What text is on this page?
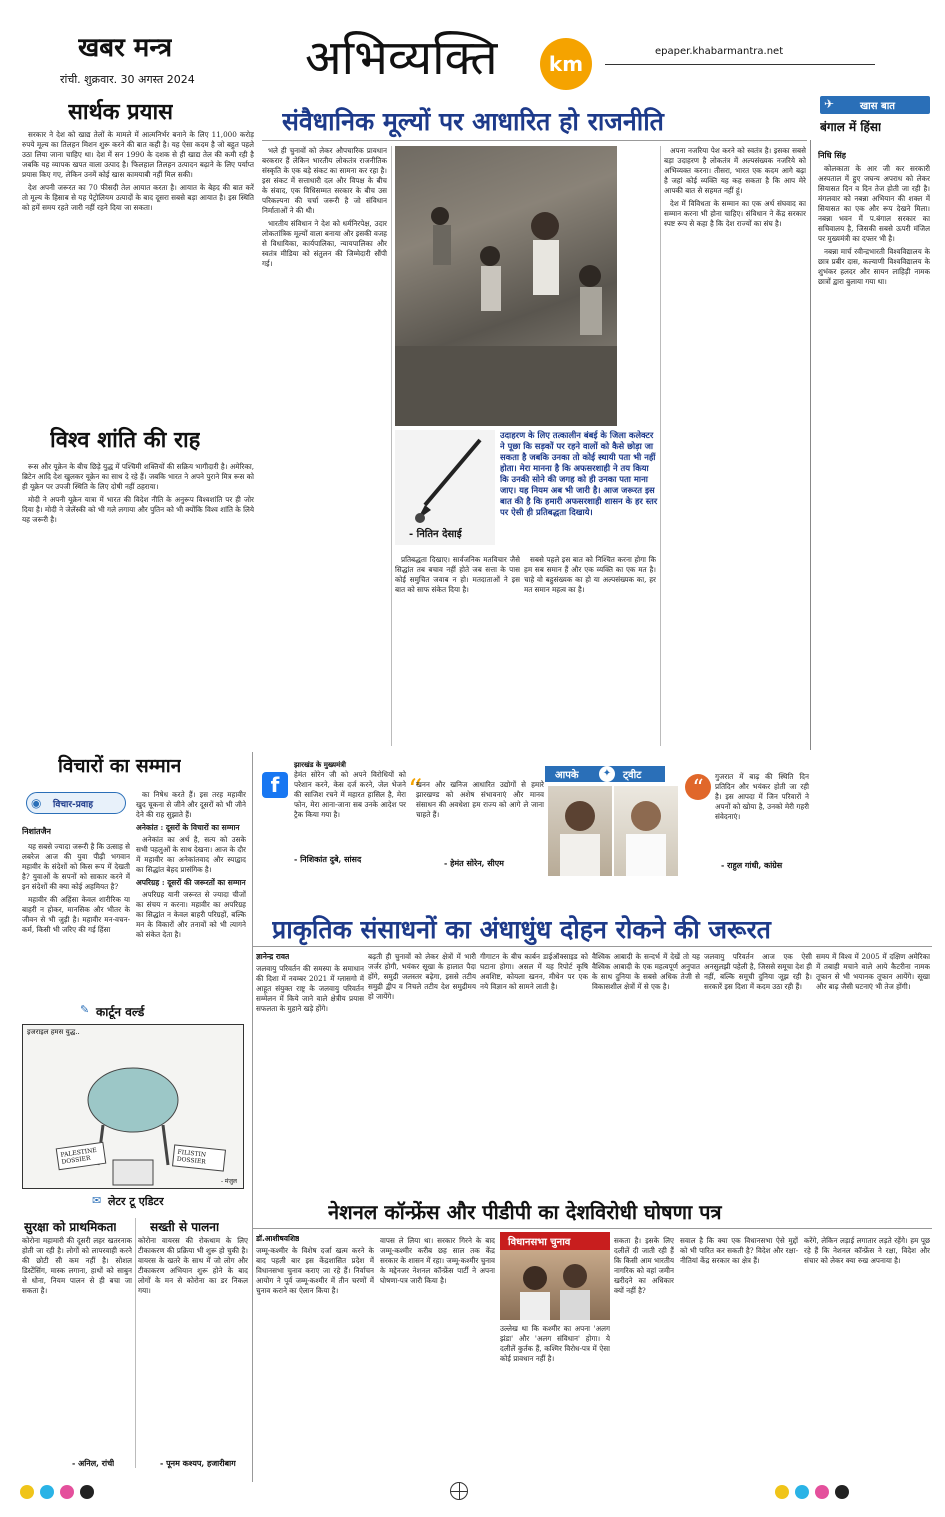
खबर मन्त्र
रांची. शुक्रवार. 30 अगस्त 2024 अभिव्यक्ति	km
epaper.khabarmantra.net
✈	खास बात
बंगाल में हिंसा
सार्थक प्रयास

सरकार ने देश को खाद्य तेलों के मामले में आत्मनिर्भर बनाने के लिए 11,000 करोड़ रुपये मूल्य का तिलहन मिशन शुरू करने की बात कही है। यह ऐसा कदम है जो बहुत पहले उठा लिया जाना चाहिए था। देश में सन 1990 के दशक से ही खाद्य तेल की कमी रही है जबकि यह व्यापक खपत वाला उत्पाद है। फिलहाल तिलहन उत्पादन बढ़ाने के लिए पर्याप्त प्रयास किए गए, लेकिन उनमें कोई खास कामयाबी नहीं मिल सकी।

देश अपनी जरूरत का 70 फीसदी तेल आयात करता है। आयात के बेहद की बात करें तो मूल्य के हिसाब से यह पेट्रोलियम उत्पादों के बाद दूसरा सबसे बड़ा आयात है। इस स्थिति को हमें समय रहते जारी नहीं रहने दिया जा सकता।

विश्व शांति की राह

रूस और यूक्रेन के बीच छिड़े युद्ध में पश्चिमी शक्तियों की सक्रिय भागीदारी है। अमेरिका, ब्रिटेन आदि देश खुलकर यूक्रेन का साथ दे रहे हैं। जबकि भारत ने अपने पुराने मित्र रूस को ही यूक्रेन पर उपजी स्थिति के लिए दोषी नहीं ठहराया।

मोदी ने अपनी यूक्रेन यात्रा में भारत की विदेश नीति के अनुरूप विश्वशांति पर ही जोर दिया है। मोदी ने जेलेंस्की को भी गले लगाया और पुतिन को भी क्योंकि विश्व शांति के लिये यह जरूरी है।

संवैधानिक मूल्यों पर आधारित हो राजनीति

भले ही चुनावों को लेकर औपचारिक प्रावधान बरकरार हैं लेकिन भारतीय लोकतंत्र राजनीतिक संस्कृति के एक बड़े संकट का सामना कर रहा है। इस संकट में सत्ताधारी दल और विपक्ष के बीच के संवाद, एक विधिसम्मत सरकार के बीच उस परिकल्पना की चर्चा जरूरी है जो संविधान निर्माताओं ने की थी।

भारतीय संविधान ने देश को धर्मनिरपेक्ष, उदार लोकतांत्रिक मूल्यों वाला बनाया और इसकी वजह से विधायिका, कार्यपालिका, न्यायपालिका और स्वतंत्र मीडिया को संतुलन की जिम्मेदारी सौंपी गई।

- नितिन देसाई
उदाहरण के लिए तत्कालीन बंबई के जिला कलेक्टर ने पूछा कि सड़कों पर रहने वालों को कैसे छोड़ा जा सकता है जबकि उनका तो कोई स्थायी पता भी नहीं होता। मेरा मानना है कि अफसरशाही ने तय किया कि उनकी सोने की जगह को ही उनका पता माना जाए। यह नियम अब भी जारी है। आज जरूरत इस बात की है कि हमारी अफसरशाही शासन के हर स्तर पर ऐसी ही प्रतिबद्धता दिखाये।

प्रतिबद्धता दिखाए। सार्वजनिक मतविचार जैसे सिद्धांत तब बचाव नहीं होते जब सत्ता के पास कोई समुचित जवाब न हो। मतदाताओं ने इस बात को साफ संकेत दिया है।

सबसे पहले इस बात को निश्चित करना होगा कि हम सब समान हैं और एक व्यक्ति का एक मत है। चाहे वो बहुसंख्यक का हो या अल्पसंख्यक का, हर मत समान महत्व का है।

अपना नजरिया पेश करने को स्वतंत्र है। इसका सबसे बड़ा उदाहरण है लोकतंत्र में अल्पसंख्यक नजरिये को अभिव्यक्त करना। तीसरा, भारत एक कदम आगे बढ़ा है जहां कोई व्यक्ति यह कह सकता है कि आप मेरे आपकी बात से सहमत नहीं हूं।

देश में विविधता के सम्मान का एक अर्थ संघवाद का सम्मान करना भी होना चाहिए। संविधान ने केंद्र सरकार स्पष्ट रूप से कहा है कि देश राज्यों का संघ है।

निधि सिंह

कोलकाता के आर जी कर सरकारी अस्पताल में हुए जघन्य अपराध को लेकर सियासत दिन व दिन तेज होती जा रही है। मंगलवार को नबन्ना अभियान की शक्ल में सियासत का एक और रूप देखने मिला। नबन्ना भवन में प.बंगाल सरकार का सचिवालय है, जिसकी सबसे ऊपरी मंजिल पर मुख्यमंत्री का दफ्तर भी है।

नबन्ना मार्च रवीन्द्रभारती विश्वविद्यालय के छात्र प्रबीर दास, कल्याणी विश्वविद्यालय के शुभंकर हलदर और सायन लाहिड़ी नामक छात्रों द्वारा बुलाया गया था।

विचारों का सम्मान
◉ विचार-प्रवाह
निशांतजैन

यह सबसे ज्यादा जरूरी है कि उत्साह से लबरेज आज की युवा पीढ़ी भगवान महावीर के संदेशों को किस रूप में देखती है? युवाओं के सपनों को साकार करने में इन संदेशों की क्या कोई अहमियत है?

महावीर की अहिंसा केवल शारीरिक या बाहरी न होकर, मानसिक और भीतर के जीवन से भी जुड़ी है। महावीर मन-वचन-कर्म, किसी भी जरिए की गई हिंसा

का निषेध करते हैं। इस तरह महावीर खुद चूकना से जीने और दूसरों को भी जीने देने की राह सुझाते हैं।

अनेकांत : दूसरों के विचारों का सम्मान

अनेकांत का अर्थ है, सत्य को उसके सभी पहलुओं के साथ देखना। आज के दौर में महावीर का अनेकांतवाद और स्याद्वाद का सिद्धांत बेहद प्रासंगिक है।

अपरिग्रह : दूसरों की जरूरतों का सम्मान

अपरिग्रह यानी जरूरत से ज्यादा चीजों का संचय न करना। महावीर का अपरिग्रह का सिद्धांत न केवल बाहरी परिग्रहों, बल्कि मन के विकारों और तनावों को भी त्यागने को संकेत देता है।

f
झारखंड के मुख्यमंत्री
हेमंत सोरेन जी को अपने विरोधियों को परेशान करने, केस दर्ज करने, जेल भेजने की साजिश रचने में महारत हासिल है, मेरा फोन, मेरा आना-जाना सब उनके आदेश पर ट्रैक किया गया है।
- निशिकांत दुबे, सांसद
आपके	✦	ट्वीट
“
खनन और खनिज आधारित उद्योगों से हमारे झारखण्ड को अशेष संभावनाएं और मानव संसाधन की अवधेशा हम राज्य को आगे ले जाना चाहते हैं।
- हेमंत सोरेन, सीएम
“	गुजरात में बाढ़ की स्थिति दिन प्रतिदिन और भयंकर होती जा रही है। इस आपदा में जिन परिवारों ने अपनों को खोया है, उनको मेरी गहरी संवेदनाएं।
- राहुल गांधी, कांग्रेस
✎ कार्टून वर्ल्ड
इजराइल हमस युद्ध..
PALESTINE DOSSIER
FILISTIN DOSSIER
- मंजुल
प्राकृतिक संसाधनों का अंधाधुंध दोहन रोकने की जरूरत
ज्ञानेन्द्र रावत
जलवायु परिवर्तन की समस्या के समाधान की दिशा में नवम्बर 2021 में ग्लासगो में आहूत संयुक्त राष्ट्र के जलवायु परिवर्तन सम्मेलन में किये जाने वाले क्षेत्रीय प्रयास सफलता के मुहाने खड़े होंगे।
बढ़ती ही चुनावों को लेकर क्षेत्रों में भारी जर्जर होगी, भयंकर सूखा के हालात पैदा होंगे, समुद्री जलस्तर बढ़ेगा, इससे तटीय समुद्री द्वीप व निचले तटीय देश समुद्रीमय हो जायेंगे।
गीगाटन के बीच कार्बन डाईऑक्साइड को घटाना होगा। असल में यह रिपोर्ट कृषि अवशिष्ट, कोयला खनन, मीथेन पर एक नये विज्ञान को सामने लाती है।
वैश्विक आबादी के सन्दर्भ में देखें तो यह वैश्विक आबादी के एक महत्वपूर्ण अनुपात के साथ दुनिया के सबसे अधिक तेजी से विकासशील क्षेत्रों में से एक है।
जलवायु परिवर्तन आज एक ऐसी अनसुलझी पहेली है, जिससे समूचा देश ही नहीं, बल्कि समूची दुनिया जूझ रही है। सरकारें इस दिशा में कदम उठा रही हैं।
समय में विश्व में 2005 में दक्षिण अमेरिका में तबाही मचाने वाले आये कैटरीना नामक तूफान से भी भयानक तूफान आयेंगे। सूखा और बाढ़ जैसी घटनाएं भी तेज होंगी।
नेशनल कॉन्फ्रेंस और पीडीपी का देशविरोधी घोषणा पत्र
डॉ.आशीषवशिष्ठ	विधानसभा चुनाव
जम्मू-कश्मीर के विशेष दर्जा खत्म करने के बाद पहली बार इस केंद्रशासित प्रदेश में विधानसभा चुनाव कराए जा रहे हैं। निर्वाचन आयोग ने पूर्व जम्मू-कश्मीर में तीन चरणों में चुनाव कराने का ऐलान किया है।
वापस ले लिया था। सरकार गिरने के बाद जम्मू-कश्मीर करीब छह साल तक केंद्र सरकार के शासन में रहा। जम्मू-कश्मीर चुनाव के मद्देनजर नेशनल कॉन्फ्रेंस पार्टी ने अपना घोषणा-पत्र जारी किया है।
उल्लेख था कि कश्मीर का अपना 'अलग झंडा' और 'अलग संविधान' होगा। ये दलीलें कुर्तक हैं, कश्मिर विरोध-पत्र में ऐसा कोई प्रावधान नहीं है।
सकता है। इसके लिए दलीलें दी जाती रही हैं कि किसी आम भारतीय नागरिक को वहां जमीन खरीदने का अधिकार क्यों नहीं है?
सवाल है कि क्या एक विधानसभा ऐसे मुद्दों को भी पारित कर सकती है? विदेश और रक्षा-नीतियां केंद्र सरकार का क्षेत्र हैं।
करेंगे, लेकिन लड़ाई लगातार लड़ते रहेंगे। हम पूछ रहे हैं कि नेशनल कॉन्फ्रेंस ने रक्षा, विदेश और संचार को लेकर क्या रुख अपनाया है।
✉ लेटर टू एडिटर
सुरक्षा को प्राथमिकता
कोरोना महामारी की दूसरी लहर खतरनाक होती जा रही है। लोगों को लापरवाही करने की छोटी सी कम नहीं है। सोशल डिस्टेंसिंग, मास्क लगाना, हाथों को साबुन से धोना, नियम पालन से ही बचा जा सकता है।
- अनिल, रांची
सख्ती से पालना
कोरोना वायरस की रोकथाम के लिए टीकाकरण की प्रक्रिया भी शुरू हो चुकी है। वायरस के खतरे के साथ में जो लोग और टीकाकरण अभियान शुरू होने के बाद लोगों के मन से कोरोना का डर निकल गया।
- पूनम कश्यप, हजारीबाग
